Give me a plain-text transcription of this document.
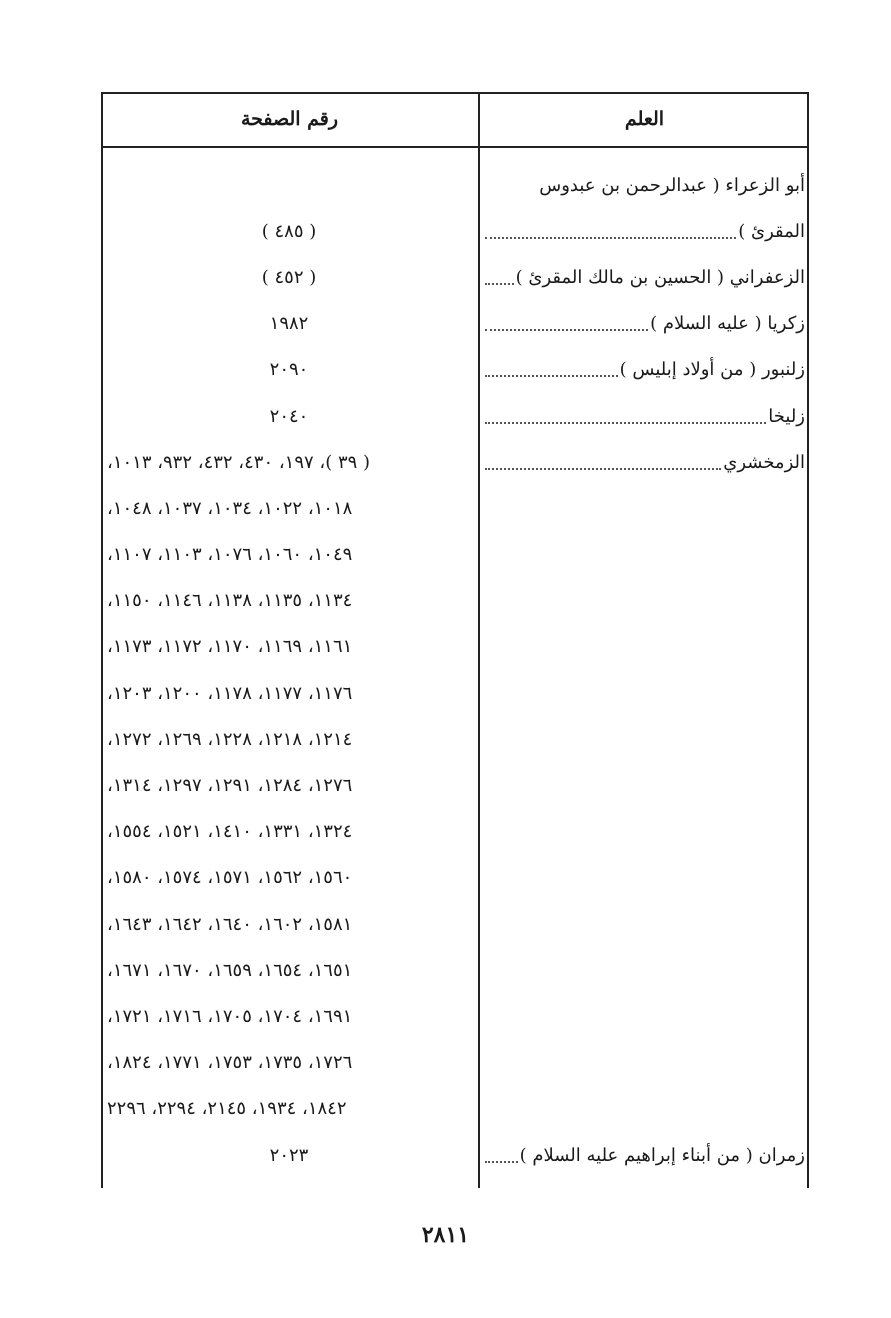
العلم
رقم الصفحة
أبو الزعراء ( عبدالرحمن بن عبدوس
المقرئ )
( ٤٨٥ )
الزعفراني ( الحسين بن مالك المقرئ )
( ٤٥٢ )
زكريا ( عليه السلام )
١٩٨٢
زلنبور ( من أولاد إبليس )
٢٠٩٠
زليخا
٢٠٤٠
الزمخشري
( ٣٩ )، ١٩٧، ٤٣٠، ٤٣٢، ٩٣٢، ١٠١٣،
١٠١٨، ١٠٢٢، ١٠٣٤، ١٠٣٧، ١٠٤٨،
١٠٤٩، ١٠٦٠، ١٠٧٦، ١١٠٣، ١١٠٧،
١١٣٤، ١١٣٥، ١١٣٨، ١١٤٦، ١١٥٠،
١١٦١، ١١٦٩، ١١٧٠، ١١٧٢، ١١٧٣،
١١٧٦، ١١٧٧، ١١٧٨، ١٢٠٠، ١٢٠٣،
١٢١٤، ١٢١٨، ١٢٢٨، ١٢٦٩، ١٢٧٢،
١٢٧٦، ١٢٨٤، ١٢٩١، ١٢٩٧، ١٣١٤،
١٣٢٤، ١٣٣١، ١٤١٠، ١٥٢١، ١٥٥٤،
١٥٦٠، ١٥٦٢، ١٥٧١، ١٥٧٤، ١٥٨٠،
١٥٨١، ١٦٠٢، ١٦٤٠، ١٦٤٢، ١٦٤٣،
١٦٥١، ١٦٥٤، ١٦٥٩، ١٦٧٠، ١٦٧١،
١٦٩١، ١٧٠٤، ١٧٠٥، ١٧١٦، ١٧٢١،
١٧٢٦، ١٧٣٥، ١٧٥٣، ١٧٧١، ١٨٢٤،
١٨٤٢، ١٩٣٤، ٢١٤٥، ٢٢٩٤، ٢٢٩٦
زمران ( من أبناء إبراهيم عليه السلام )
٢٠٢٣
٢٨١١
